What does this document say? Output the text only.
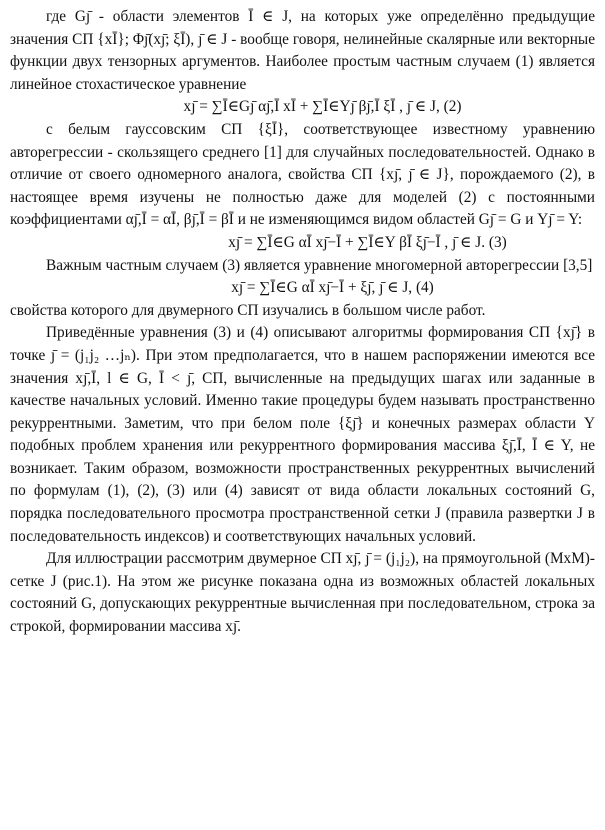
где Gȷ̄ - области элементов Ī ∈ J, на которых уже определённо предыдущие значения СП {xĪ}; Φȷ̄(xȷ̄; ξĪ), ȷ̄ ∈ J - вообще говоря, нелинейные скалярные или векторные функции двух тензорных аргументов. Наиболее простым частным случаем (1) является линейное стохастическое уравнение

xȷ̄ = ∑Ī∈Gȷ̄ αȷ̄,Ī xĪ + ∑Ī∈Yȷ̄ βȷ̄,Ī ξĪ , ȷ̄ ∈ J, (2)

с белым гауссовским СП {ξĪ}, соответствующее известному уравнению авторегрессии - скользящего среднего [1] для случайных последовательностей. Однако в отличие от своего одномерного аналога, свойства СП {xȷ̄, ȷ̄ ∈ J}, порождаемого (2), в настоящее время изучены не полностью даже для моделей (2) с постоянными коэффициентами αȷ̄,Ī = αĪ, βȷ̄,Ī = βĪ и не изменяющимся видом областей Gȷ̄ = G и Yȷ̄ = Y:

xȷ̄ = ∑Ī∈G αĪ xȷ̄−Ī + ∑Ī∈Y βĪ ξȷ̄−Ī , ȷ̄ ∈ J. (3)

Важным частным случаем (3) является уравнение многомерной авторегрессии [3,5]

xȷ̄ = ∑Ī∈G αĪ xȷ̄−Ī + ξȷ̄, ȷ̄ ∈ J, (4)

свойства которого для двумерного СП изучались в большом числе работ.

Приведённые уравнения (3) и (4) описывают алгоритмы формирования СП {xȷ̄} в точке ȷ̄ = (j₁j₂ …jₙ). При этом предполагается, что в нашем распоряжении имеются все значения xȷ̄,Ī, l ∈ G, Ī < ȷ̄, СП, вычисленные на предыдущих шагах или заданные в качестве начальных условий. Именно такие процедуры будем называть пространственно рекуррентными. Заметим, что при белом поле {ξȷ̄} и конечных размерах области Y подобных проблем хранения или рекуррентного формирования массива ξȷ̄,Ī, Ī ∈ Y, не возникает. Таким образом, возможности пространственных рекуррентных вычислений по формулам (1), (2), (3) или (4) зависят от вида области локальных состояний G, порядка последовательного просмотра пространственной сетки J (правила развертки J в последовательность индексов) и соответствующих начальных условий.

Для иллюстрации рассмотрим двумерное СП xȷ̄, ȷ̄ = (j₁j₂), на прямоугольной (MxM)-сетке J (рис.1). На этом же рисунке показана одна из возможных областей локальных состояний G, допускающих рекуррентные вычисленная при последовательном, строка за строкой, формировании массива xȷ̄.
